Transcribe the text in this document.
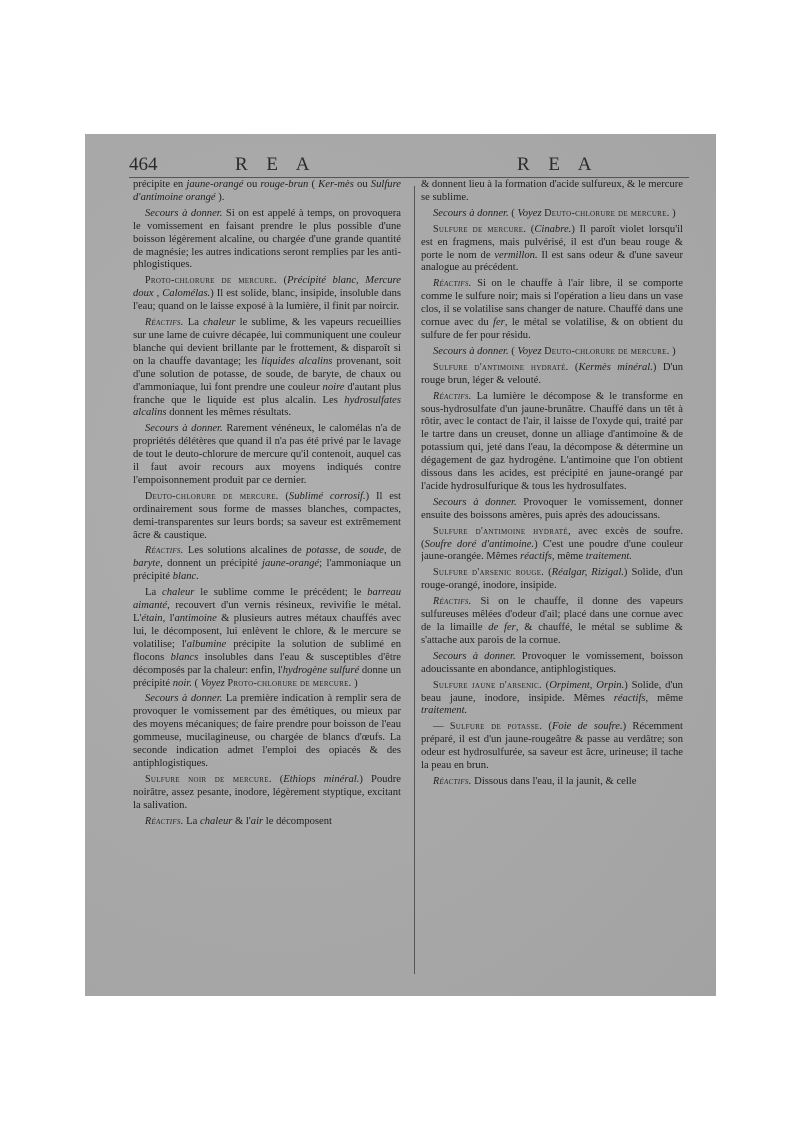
464	R E A	R E A

précipite en jaune-orangé ou rouge-brun ( Ker-mès ou Sulfure d'antimoine orangé ).

Secours à donner. Si on est appelé à temps, on provoquera le vomissement en faisant prendre le plus possible d'une boisson légèrement alcaline, ou chargée d'une grande quantité de magnésie; les autres indications seront remplies par les anti-phlogistiques.

Proto-chlorure de mercure. (Précipité blanc, Mercure doux , Calomélas.) Il est solide, blanc, insipide, insoluble dans l'eau; quand on le laisse exposé à la lumière, il finit par noircir.

Réactifs. La chaleur le sublime, & les vapeurs recueillies sur une lame de cuivre décapée, lui communiquent une couleur blanche qui devient brillante par le frottement, & disparoît si on la chauffe davantage; les liquides alcalins provenant, soit d'une solution de potasse, de soude, de baryte, de chaux ou d'ammoniaque, lui font prendre une couleur noire d'autant plus franche que le liquide est plus alcalin. Les hydrosulfates alcalins donnent les mêmes résultats.

Secours à donner. Rarement vénéneux, le calomélas n'a de propriétés délétères que quand il n'a pas été privé par le lavage de tout le deuto-chlorure de mercure qu'il contenoit, auquel cas il faut avoir recours aux moyens indiqués contre l'empoisonnement produit par ce dernier.

Deuto-chlorure de mercure. (Sublimé corrosif.) Il est ordinairement sous forme de masses blanches, compactes, demi-transparentes sur leurs bords; sa saveur est extrêmement âcre & caustique.

Réactifs. Les solutions alcalines de potasse, de soude, de baryte, donnent un précipité jaune-orangé; l'ammoniaque un précipité blanc.

La chaleur le sublime comme le précédent; le barreau aimanté, recouvert d'un vernis résineux, revivifie le métal. L'étain, l'antimoine & plusieurs autres métaux chauffés avec lui, le décomposent, lui enlèvent le chlore, & le mercure se volatilise; l'albumine précipite la solution de sublimé en flocons blancs insolubles dans l'eau & susceptibles d'être décomposés par la chaleur: enfin, l'hydrogène sulfuré donne un précipité noir. ( Voyez Proto-chlorure de mercure. )

Secours à donner. La première indication à remplir sera de provoquer le vomissement par des émétiques, ou mieux par des moyens mécaniques; de faire prendre pour boisson de l'eau gommeuse, mucilagineuse, ou chargée de blancs d'œufs. La seconde indication admet l'emploi des opiacés & des antiphlogistiques.

Sulfure noir de mercure. (Ethiops minéral.) Poudre noirâtre, assez pesante, inodore, légèrement styptique, excitant la salivation.

Réactifs. La chaleur & l'air le décomposent

& donnent lieu à la formation d'acide sulfureux, & le mercure se sublime.

Secours à donner. ( Voyez Deuto-chlorure de mercure. )

Sulfure de mercure. (Cinabre.) Il paroît violet lorsqu'il est en fragmens, mais pulvérisé, il est d'un beau rouge & porte le nom de vermillon. Il est sans odeur & d'une saveur analogue au précédent.

Réactifs. Si on le chauffe à l'air libre, il se comporte comme le sulfure noir; mais si l'opération a lieu dans un vase clos, il se volatilise sans changer de nature. Chauffé dans une cornue avec du fer, le métal se volatilise, & on obtient du sulfure de fer pour résidu.

Secours à donner. ( Voyez Deuto-chlorure de mercure. )

Sulfure d'antimoine hydraté. (Kermès minéral.) D'un rouge brun, léger & velouté.

Réactifs. La lumière le décompose & le transforme en sous-hydrosulfate d'un jaune-brunâtre. Chauffé dans un têt à rôtir, avec le contact de l'air, il laisse de l'oxyde qui, traité par le tartre dans un creuset, donne un alliage d'antimoine & de potassium qui, jeté dans l'eau, la décompose & détermine un dégagement de gaz hydrogène. L'antimoine que l'on obtient dissous dans les acides, est précipité en jaune-orangé par l'acide hydrosulfurique & tous les hydrosulfates.

Secours à donner. Provoquer le vomissement, donner ensuite des boissons amères, puis après des adoucissans.

Sulfure d'antimoine hydraté, avec excès de soufre. (Soufre doré d'antimoine.) C'est une poudre d'une couleur jaune-orangée. Mêmes réactifs, même traitement.

Sulfure d'arsenic rouge. (Réalgar, Rizigal.) Solide, d'un rouge-orangé, inodore, insipide.

Réactifs. Si on le chauffe, il donne des vapeurs sulfureuses mêlées d'odeur d'ail; placé dans une cornue avec de la limaille de fer, & chauffé, le métal se sublime & s'attache aux parois de la cornue.

Secours à donner. Provoquer le vomissement, boisson adoucissante en abondance, antiphlogistiques.

Sulfure jaune d'arsenic. (Orpiment, Orpin.) Solide, d'un beau jaune, inodore, insipide. Mêmes réactifs, même traitement.

— Sulfure de potasse. (Foie de soufre.) Récemment préparé, il est d'un jaune-rougeâtre & passe au verdâtre; son odeur est hydrosulfurée, sa saveur est âcre, urineuse; il tache la peau en brun.

Réactifs. Dissous dans l'eau, il la jaunit, & celle
